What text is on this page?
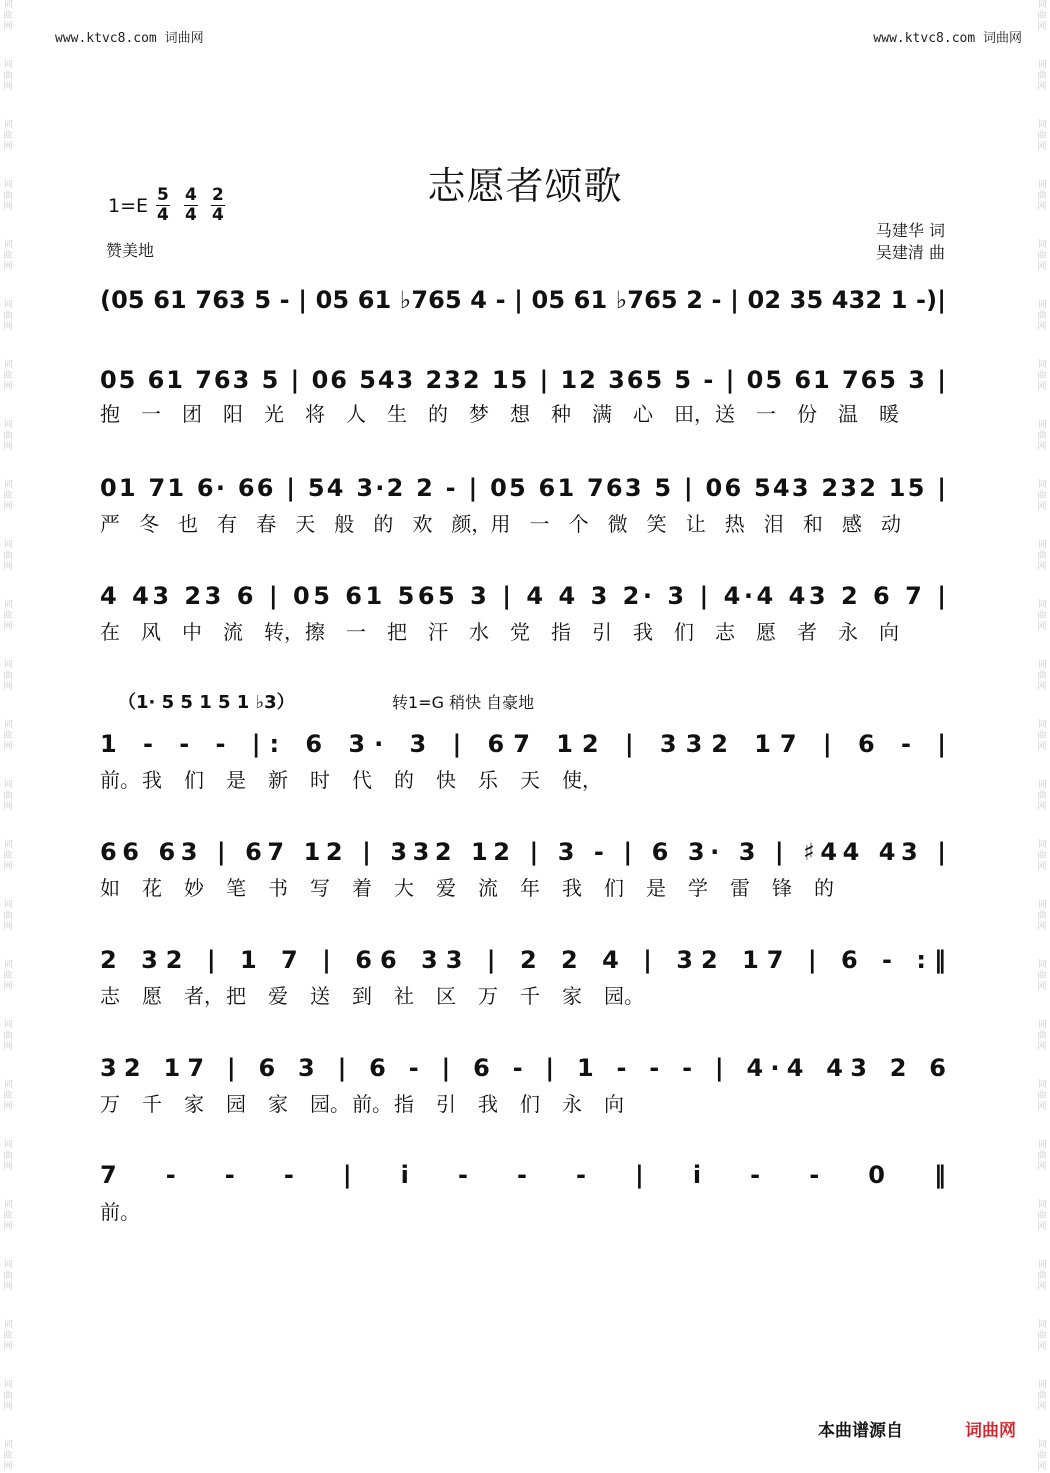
词
曲
网
词
曲
网
词
曲
网
词
曲
网
词
曲
网
词
曲
网
词
曲
网
词
曲
网
词
曲
网
词
曲
网
词
曲
网
词
曲
网
词
曲
网
词
曲
网
词
曲
网
词
曲
网
词
曲
网
词
曲
网
词
曲
网
词
曲
网
词
曲
网
词
曲
网
词
曲
网
词
曲
网
词
曲
网
词
曲
网
词
曲
网
词
曲
网
词
曲
网
词
曲
网
词
曲
网
词
曲
网
词
曲
网
词
曲
网
词
曲
网
词
曲
网
词
曲
网
词
曲
网
词
曲
网
词
曲
网
词
曲
网
词
曲
网
词
曲
网
词
曲
网
词
曲
网
词
曲
网
词
曲
网
词
曲
网
词
曲
网
词
曲
网
www.ktvc8.com 词曲网	www.ktvc8.com 词曲网
志愿者颂歌
1=E 5
4
4
4
2
4
赞美地
马建华 词
吴建清 曲
（1· 5 5 1 5 1 ♭3）	转1=G 稍快 自豪地
(05 61 763 5 - | 05 61 ♭765 4 - | 05 61 ♭765 2 - | 02 35 432 1 -)|
05 61 763 5 | 06 543 232 15 | 12 365 5 - | 05 61 765 3 |
抱 一 团 阳 光 将 人 生 的 梦 想 种 满 心 田， 送 一 份 温 暖
01 71 6· 66 | 54 3·2 2 - | 05 61 763 5 | 06 543 232 15 |
严 冬 也 有 春 天 般 的 欢 颜， 用 一 个 微 笑 让 热 泪 和 感 动
4 43 23 6 | 05 61 565 3 | 4 4 3 2· 3 | 4·4 43 2 6 7 |
在 风 中 流 转， 擦 一 把 汗 水 党 指 引 我 们 志 愿 者 永 向
1 - - - |: 6 3· 3 | 67 12 | 332 17 | 6 - |
前。 我 们 是 新 时 代 的 快 乐 天 使，
66 63 | 67 12 | 332 12 | 3 - | 6 3· 3 | ♯44 43 |
如 花 妙 笔 书 写 着 大 爱 流 年 我 们 是 学 雷 锋 的
2 32 | 1 7 | 66 33 | 2 2 4 | 32 17 | 6 - :‖
志 愿 者， 把 爱 送 到 社 区 万 千 家 园。
32 17 | 6 3 | 6 - | 6 - | 1 - - - | 4·4 43 2 6
万 千 家 园 家 园。 前。 指 引 我 们 永 向
7 - - - | i - - - | i - - 0 ‖
前。
本曲谱源自	词曲网
